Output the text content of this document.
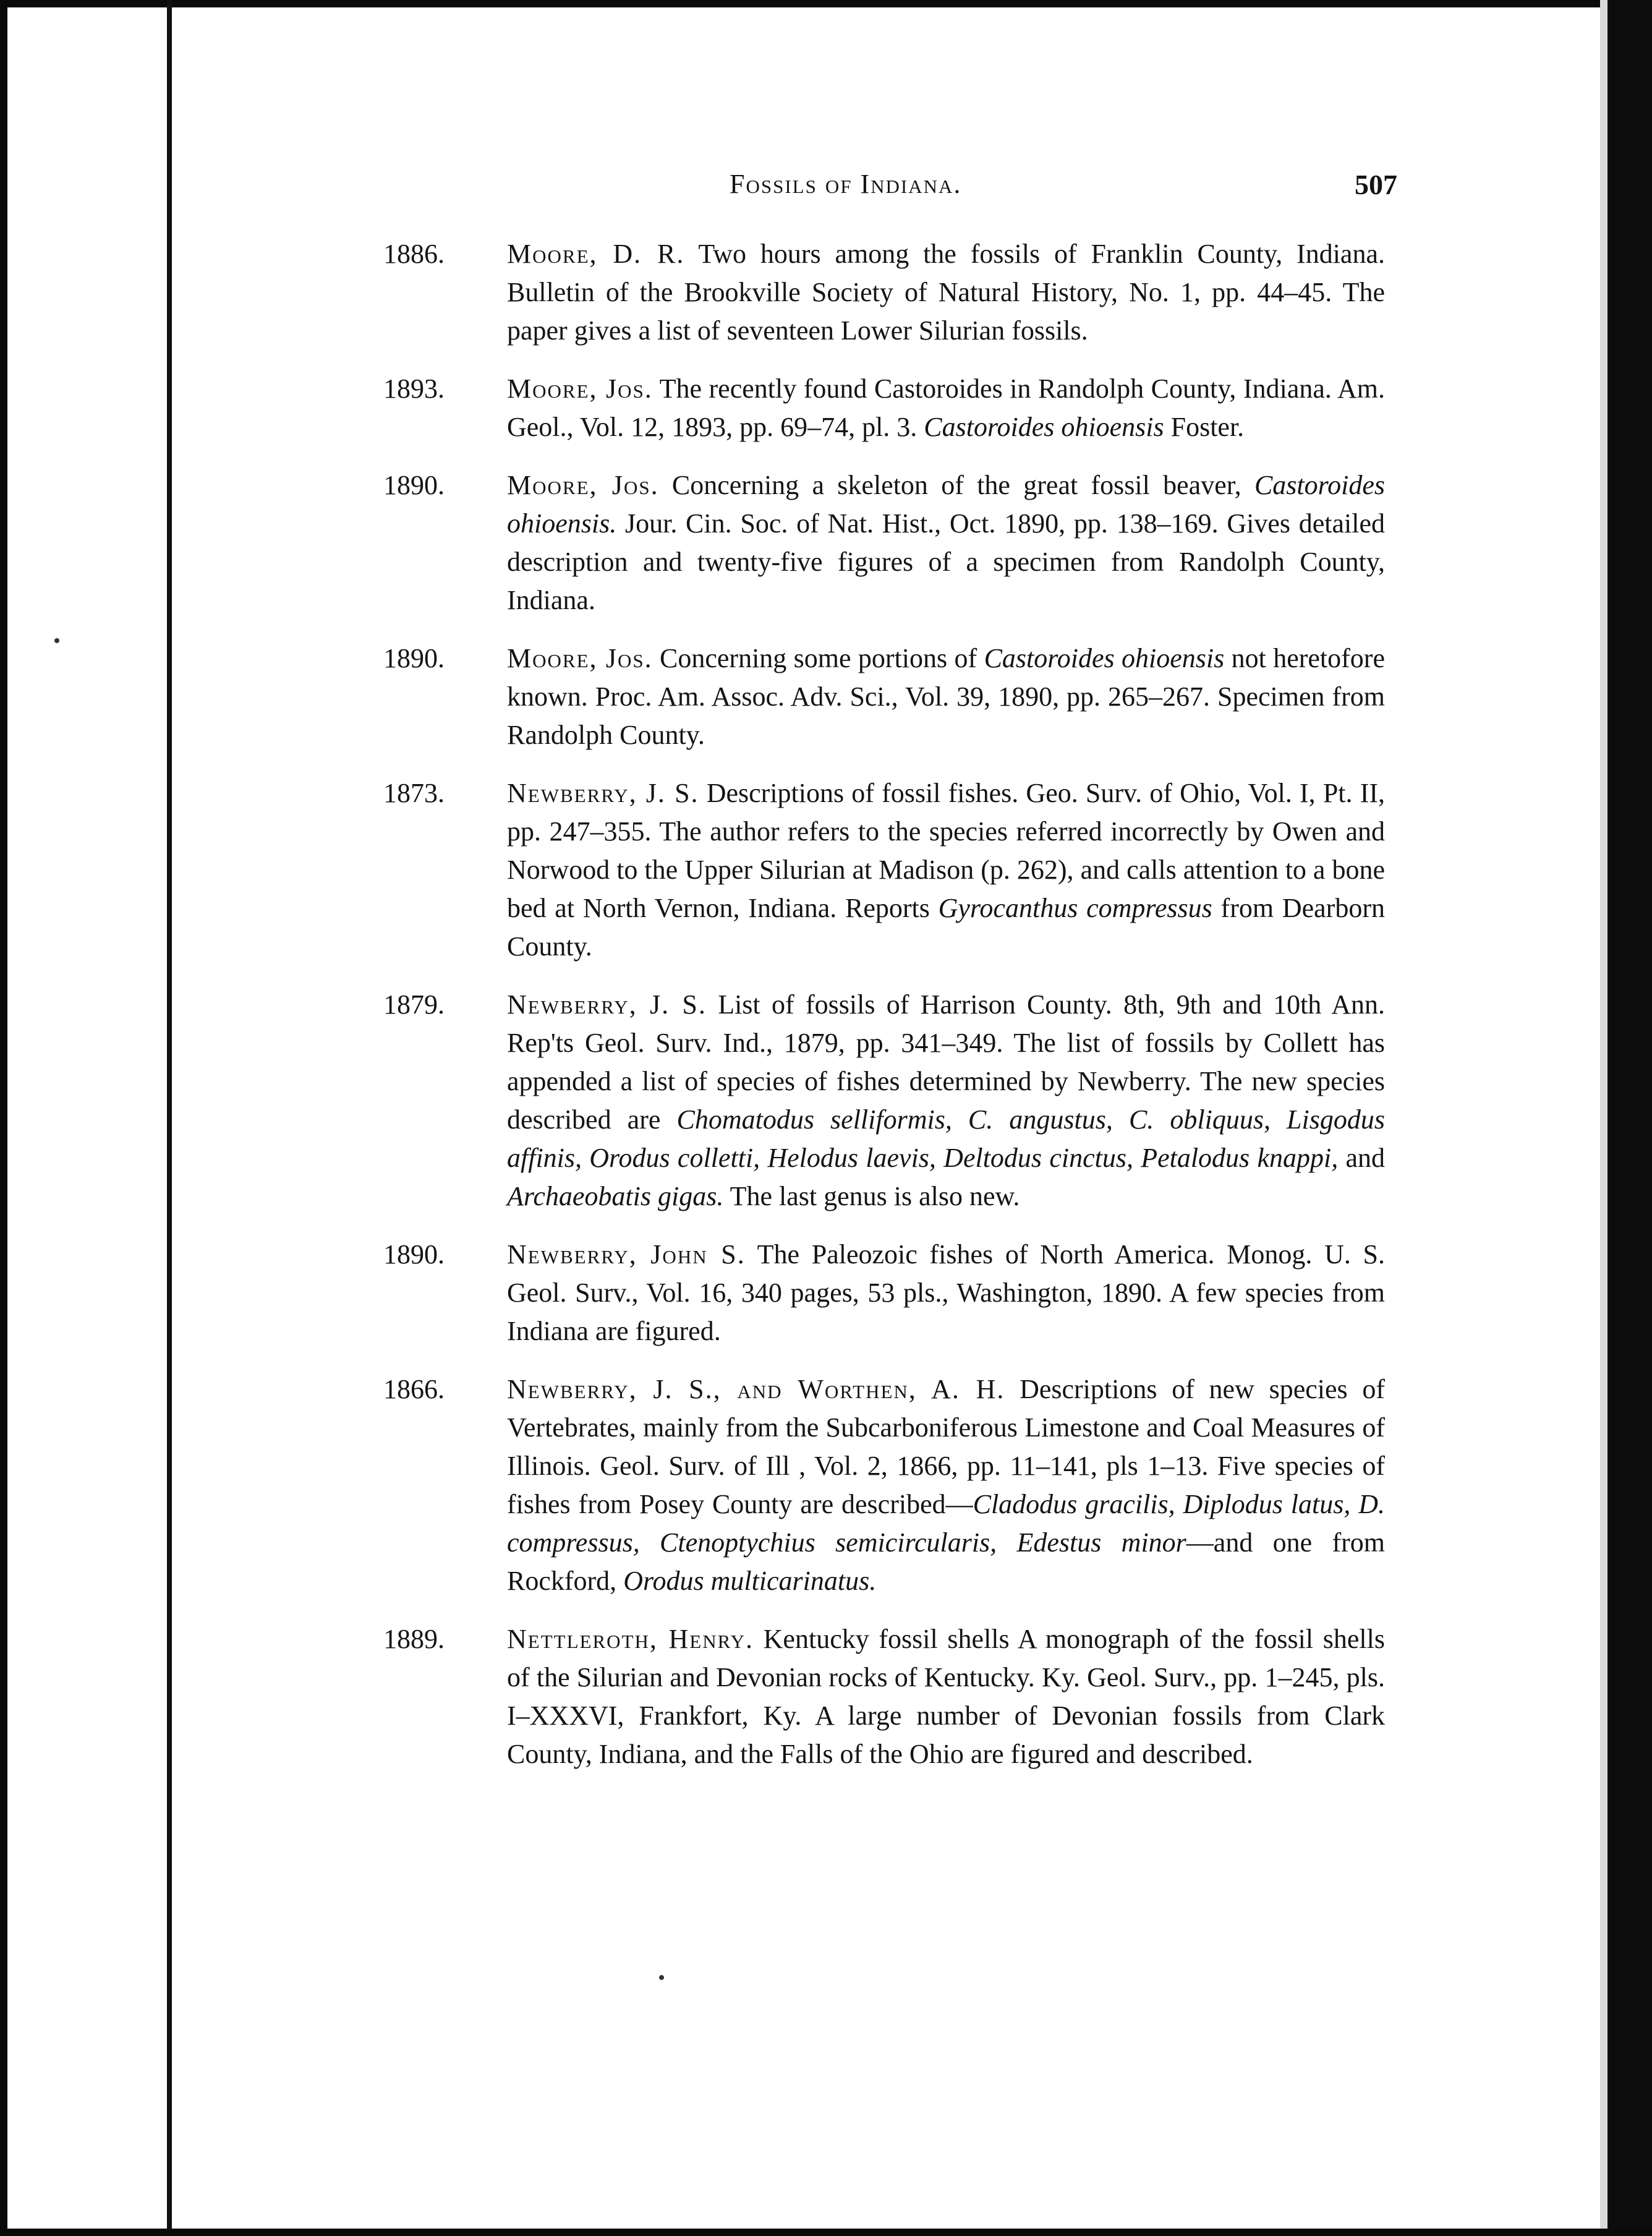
Fossils of Indiana.	507
1886. Moore, D. R. Two hours among the fossils of Franklin County, Indiana. Bulletin of the Brookville Society of Natural History, No. 1, pp. 44–45. The paper gives a list of seventeen Lower Silurian fossils.
1893. Moore, Jos. The recently found Castoroides in Randolph County, Indiana. Am. Geol., Vol. 12, 1893, pp. 69–74, pl. 3. Castoroides ohioensis Foster.
1890. Moore, Jos. Concerning a skeleton of the great fossil beaver, Castoroides ohioensis. Jour. Cin. Soc. of Nat. Hist., Oct. 1890, pp. 138–169. Gives detailed description and twenty-five figures of a specimen from Randolph County, Indiana.
1890. Moore, Jos. Concerning some portions of Castoroides ohioensis not heretofore known. Proc. Am. Assoc. Adv. Sci., Vol. 39, 1890, pp. 265–267. Specimen from Randolph County.
1873. Newberry, J. S. Descriptions of fossil fishes. Geo. Surv. of Ohio, Vol. I, Pt. II, pp. 247–355. The author refers to the species referred incorrectly by Owen and Norwood to the Upper Silurian at Madison (p. 262), and calls attention to a bone bed at North Vernon, Indiana. Reports Gyrocanthus compressus from Dearborn County.
1879. Newberry, J. S. List of fossils of Harrison County. 8th, 9th and 10th Ann. Rep'ts Geol. Surv. Ind., 1879, pp. 341–349. The list of fossils by Collett has appended a list of species of fishes determined by Newberry. The new species described are Chomatodus selliformis, C. angustus, C. obliquus, Lisgodus affinis, Orodus colletti, Helodus laevis, Deltodus cinctus, Petalodus knappi, and Archaeobatis gigas. The last genus is also new.
1890. Newberry, John S. The Paleozoic fishes of North America. Monog. U. S. Geol. Surv., Vol. 16, 340 pages, 53 pls., Washington, 1890. A few species from Indiana are figured.
1866. Newberry, J. S., and Worthen, A. H. Descriptions of new species of Vertebrates, mainly from the Subcarboniferous Limestone and Coal Measures of Illinois. Geol. Surv. of Ill , Vol. 2, 1866, pp. 11–141, pls 1–13. Five species of fishes from Posey County are described—Cladodus gracilis, Diplodus latus, D. compressus, Ctenoptychius semicircularis, Edestus minor—and one from Rockford, Orodus multicarinatus.
1889. Nettleroth, Henry. Kentucky fossil shells A monograph of the fossil shells of the Silurian and Devonian rocks of Kentucky. Ky. Geol. Surv., pp. 1–245, pls. I–XXXVI, Frankfort, Ky. A large number of Devonian fossils from Clark County, Indiana, and the Falls of the Ohio are figured and described.
